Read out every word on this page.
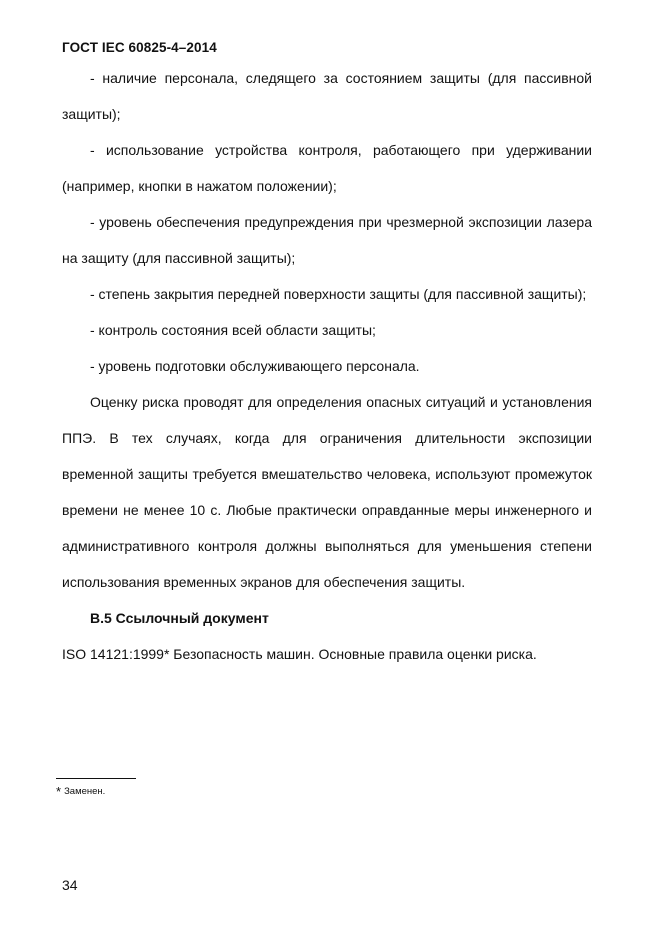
ГОСТ IEC 60825-4–2014

- наличие персонала, следящего за состоянием защиты (для пассивной защиты);

- использование устройства контроля, работающего при удерживании (например, кнопки в нажатом положении);

- уровень обеспечения предупреждения при чрезмерной экспозиции лазера на защиту (для пассивной защиты);

- степень закрытия передней поверхности защиты (для пассивной защиты);

- контроль состояния всей области защиты;

- уровень подготовки обслуживающего персонала.

Оценку риска проводят для определения опасных ситуаций и установления ППЭ. В тех случаях, когда для ограничения длительности экспозиции временной защиты требуется вмешательство человека, используют промежуток времени не менее 10 с. Любые практически оправданные меры инженерного и административного контроля должны выполняться для уменьшения степени использования временных экранов для обеспечения защиты.

В.5 Ссылочный документ

ISO 14121:1999* Безопасность машин. Основные правила оценки риска.

* Заменен.
34
